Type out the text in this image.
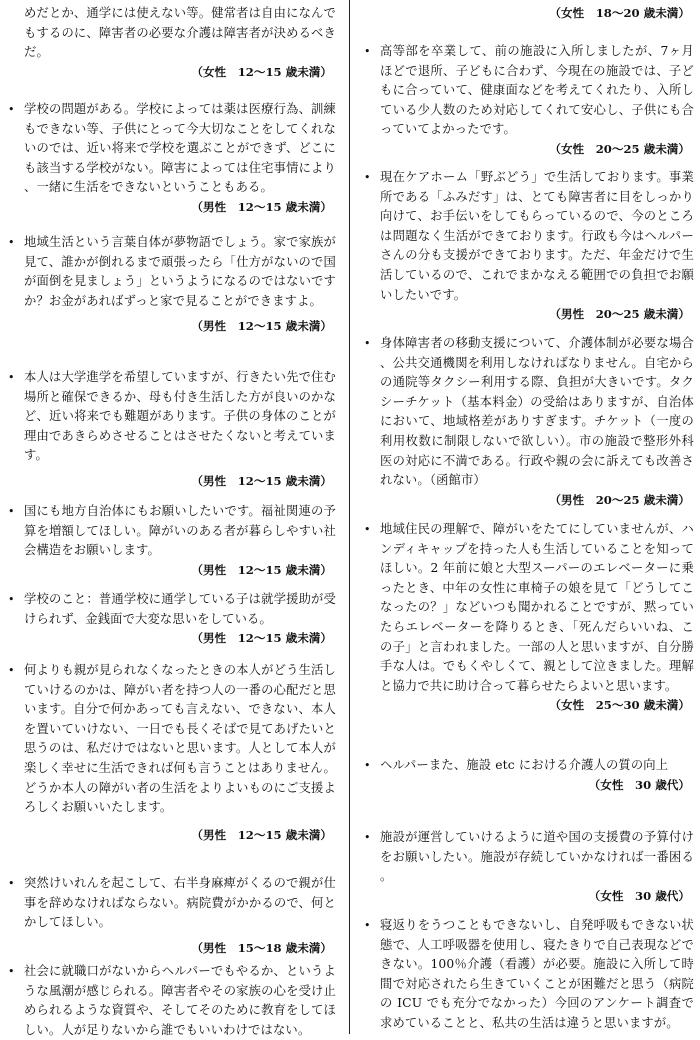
めだとか、通学には使えない等。健常者は自由になんでもするのに、障害者の必要な介護は障害者が決めるべきだ。
（女性　12～15 歳未満）
• 学校の問題がある。学校によっては薬は医療行為、訓練もできない等、子供にとって今大切なことをしてくれないのでは、近い将来で学校を選ぶことができず、どこにも該当する学校がない。障害によっては住宅事情により、一緒に生活をできないということもある。
（男性　12～15 歳未満）
• 地域生活という言葉自体が夢物語でしょう。家で家族が見て、誰かが倒れるまで頑張ったら「仕方がないので国が面倒を見ましょう」というようになるのではないですか？お金があればずっと家で見ることができますよ。
（男性　12～15 歳未満）
• 本人は大学進学を希望していますが、行きたい先で住む場所と確保できるか、母も付き生活した方が良いのかなど、近い将来でも難題があります。子供の身体のことが理由であきらめさせることはさせたくないと考えています。
（男性　12～15 歳未満）
• 国にも地方自治体にもお願いしたいです。福祉関連の予算を増額してほしい。障がいのある者が暮らしやすい社会構造をお願いします。
（男性　12～15 歳未満）
• 学校のこと：普通学校に通学している子は就学援助が受けられず、金銭面で大変な思いをしている。
（男性　12～15 歳未満）
• 何よりも親が見られなくなったときの本人がどう生活していけるのかは、障がい者を持つ人の一番の心配だと思います。自分で何かあっても言えない、できない、本人を置いていけない、一日でも長くそばで見てあげたいと思うのは、私だけではないと思います。人として本人が楽しく幸せに生活できれば何も言うことはありません。どうか本人の障がい者の生活をよりよいものにご支援よろしくお願いいたします。
（男性　12～15 歳未満）
• 突然けいれんを起こして、右半身麻痺がくるので親が仕事を辞めなければならない。病院費がかかるので、何とかしてほしい。
（男性　15～18 歳未満）
• 社会に就職口がないからヘルパーでもやるか、というような風潮が感じられる。障害者やその家族の心を受け止められるような資質や、そしてそのために教育をしてほしい。人が足りないから誰でもいいわけではない。
（女性　18～20 歳未満）
• 高等部を卒業して、前の施設に入所しましたが、7ヶ月ほどで退所、子どもに合わず、今現在の施設では、子どもに合っていて、健康面などを考えてくれたり、入所している少人数のため対応してくれて安心し、子供にも合っていてよかったです。
（女性　20～25 歳未満）
• 現在ケアホーム「野ぶどう」で生活しております。事業所である「ふみだす」は、とても障害者に目をしっかり向けて、お手伝いをしてもらっているので、今のところは問題なく生活ができております。行政も今はヘルパーさんの分も支援ができております。ただ、年金だけで生活しているので、これでまかなえる範囲での負担でお願いしたいです。
（男性　20～25 歳未満）
• 身体障害者の移動支援について、介護体制が必要な場合、公共交通機関を利用しなければなりません。自宅からの通院等タクシー利用する際、負担が大きいです。タクシーチケット（基本料金）の受給はありますが、自治体において、地域格差がありすぎます。チケット（一度の利用枚数に制限しないで欲しい）。市の施設で整形外科医の対応に不満である。行政や親の会に訴えても改善されない。（函館市）
（男性　20～25 歳未満）
• 地域住民の理解で、障がいをたてにしていませんが、ハンディキャップを持った人も生活していることを知ってほしい。2 年前に娘と大型スーパーのエレベーターに乗ったとき、中年の女性に車椅子の娘を見て「どうしてこなったの？」などいつも聞かれることですが、黙っていたらエレベーターを降りるとき、「死んだらいいね、この子」と言われました。一部の人と思いますが、自分勝手な人は。でもくやしくて、親として泣きました。理解と協力で共に助け合って暮らせたらよいと思います。
（女性　25～30 歳未満）
• ヘルパーまた、施設 etc における介護人の質の向上
（女性　30 歳代）
• 施設が運営していけるように道や国の支援費の予算付けをお願いしたい。施設が存続していかなければ一番困る。
（女性　30 歳代）
• 寝返りをうつこともできないし、自発呼吸もできない状態で、人工呼吸器を使用し、寝たきりで自己表現などできない。100％介護（看護）が必要。施設に入所して時間で対応されたら生きていくことが困難だと思う（病院の ICU でも充分でなかった）今回のアンケート調査で求めていることと、私共の生活は違うと思いますが。
